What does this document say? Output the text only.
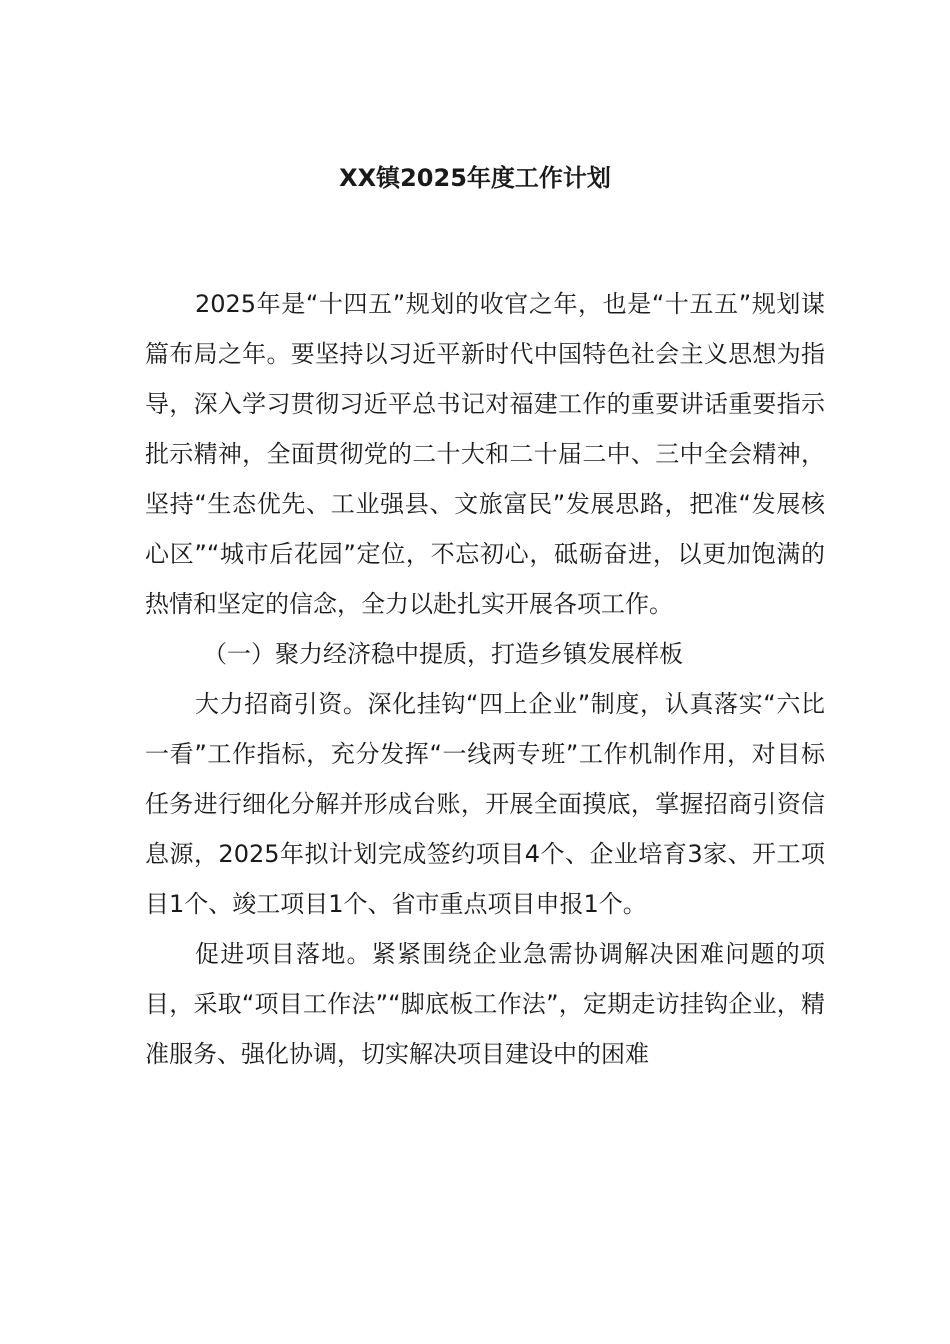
XX镇2025年度工作计划

2025年是“十四五”规划的收官之年，也是“十五五”规划谋篇布局之年。要坚持以习近平新时代中国特色社会主义思想为指导，深入学习贯彻习近平总书记对福建工作的重要讲话重要指示批示精神，全面贯彻党的二十大和二十届二中、三中全会精神，坚持“生态优先、工业强县、文旅富民”发展思路，把准“发展核心区”“城市后花园”定位，不忘初心，砥砺奋进，以更加饱满的热情和坚定的信念，全力以赴扎实开展各项工作。

（一）聚力经济稳中提质，打造乡镇发展样板

大力招商引资。深化挂钩“四上企业”制度，认真落实“六比一看”工作指标，充分发挥“一线两专班”工作机制作用，对目标任务进行细化分解并形成台账，开展全面摸底，掌握招商引资信息源，2025年拟计划完成签约项目4个、企业培育3家、开工项目1个、竣工项目1个、省市重点项目申报1个。

促进项目落地。紧紧围绕企业急需协调解决困难问题的项目，采取“项目工作法”“脚底板工作法”，定期走访挂钩企业，精准服务、强化协调，切实解决项目建设中的困难
